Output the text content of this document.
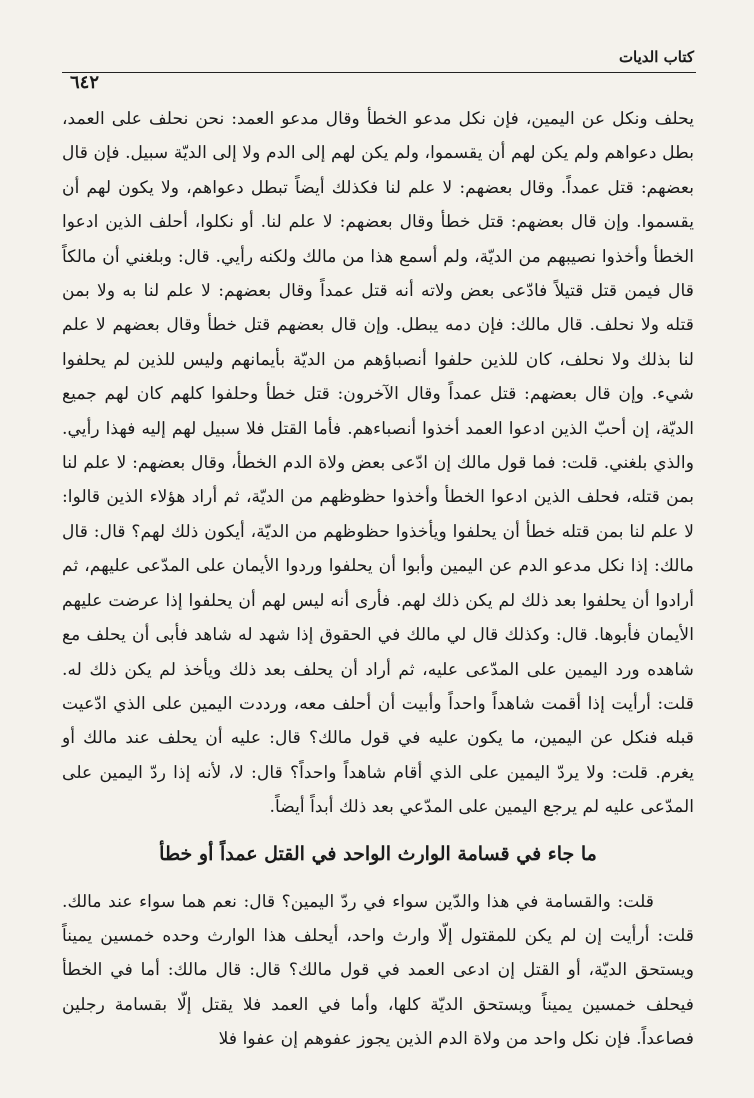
كتاب الديات
٦٤٢

يحلف ونكل عن اليمين، فإن نكل مدعو الخطأ وقال مدعو العمد: نحن نحلف على العمد، بطل دعواهم ولم يكن لهم أن يقسموا، ولم يكن لهم إلى الدم ولا إلى الديّة سبيل. فإن قال بعضهم: قتل عمداً. وقال بعضهم: لا علم لنا فكذلك أيضاً تبطل دعواهم، ولا يكون لهم أن يقسموا. وإن قال بعضهم: قتل خطأ وقال بعضهم: لا علم لنا. أو نكلوا، أحلف الذين ادعوا الخطأ وأخذوا نصيبهم من الديّة، ولم أسمع هذا من مالك ولكنه رأيي. قال: وبلغني أن مالكاً قال فيمن قتل قتيلاً فادّعى بعض ولاته أنه قتل عمداً وقال بعضهم: لا علم لنا به ولا بمن قتله ولا نحلف. قال مالك: فإن دمه يبطل. وإن قال بعضهم قتل خطأ وقال بعضهم لا علم لنا بذلك ولا نحلف، كان للذين حلفوا أنصباؤهم من الديّة بأيمانهم وليس للذين لم يحلفوا شيء. وإن قال بعضهم: قتل عمداً وقال الآخرون: قتل خطأ وحلفوا كلهم كان لهم جميع الديّة، إن أحبّ الذين ادعوا العمد أخذوا أنصباءهم. فأما القتل فلا سبيل لهم إليه فهذا رأيي. والذي بلغني. قلت: فما قول مالك إن ادّعى بعض ولاة الدم الخطأ، وقال بعضهم: لا علم لنا بمن قتله، فحلف الذين ادعوا الخطأ وأخذوا حظوظهم من الديّة، ثم أراد هؤلاء الذين قالوا: لا علم لنا بمن قتله خطأ أن يحلفوا ويأخذوا حظوظهم من الديّة، أيكون ذلك لهم؟ قال: قال مالك: إذا نكل مدعو الدم عن اليمين وأبوا أن يحلفوا وردوا الأيمان على المدّعى عليهم، ثم أرادوا أن يحلفوا بعد ذلك لم يكن ذلك لهم. فأرى أنه ليس لهم أن يحلفوا إذا عرضت عليهم الأيمان فأبوها. قال: وكذلك قال لي مالك في الحقوق إذا شهد له شاهد فأبى أن يحلف مع شاهده ورد اليمين على المدّعى عليه، ثم أراد أن يحلف بعد ذلك ويأخذ لم يكن ذلك له. قلت: أرأيت إذا أقمت شاهداً واحداً وأبيت أن أحلف معه، ورددت اليمين على الذي ادّعيت قبله فنكل عن اليمين، ما يكون عليه في قول مالك؟ قال: عليه أن يحلف عند مالك أو يغرم. قلت: ولا يردّ اليمين على الذي أقام شاهداً واحداً؟ قال: لا، لأنه إذا ردّ اليمين على المدّعى عليه لم يرجع اليمين على المدّعي بعد ذلك أبداً أيضاً.

ما جاء في قسامة الوارث الواحد في القتل عمداً أو خطأ

قلت: والقسامة في هذا والدّين سواء في ردّ اليمين؟ قال: نعم هما سواء عند مالك. قلت: أرأيت إن لم يكن للمقتول إلّا وارث واحد، أيحلف هذا الوارث وحده خمسين يميناً ويستحق الديّة، أو القتل إن ادعى العمد في قول مالك؟ قال: قال مالك: أما في الخطأ فيحلف خمسين يميناً ويستحق الديّة كلها، وأما في العمد فلا يقتل إلّا بقسامة رجلين فصاعداً. فإن نكل واحد من ولاة الدم الذين يجوز عفوهم إن عفوا فلا
